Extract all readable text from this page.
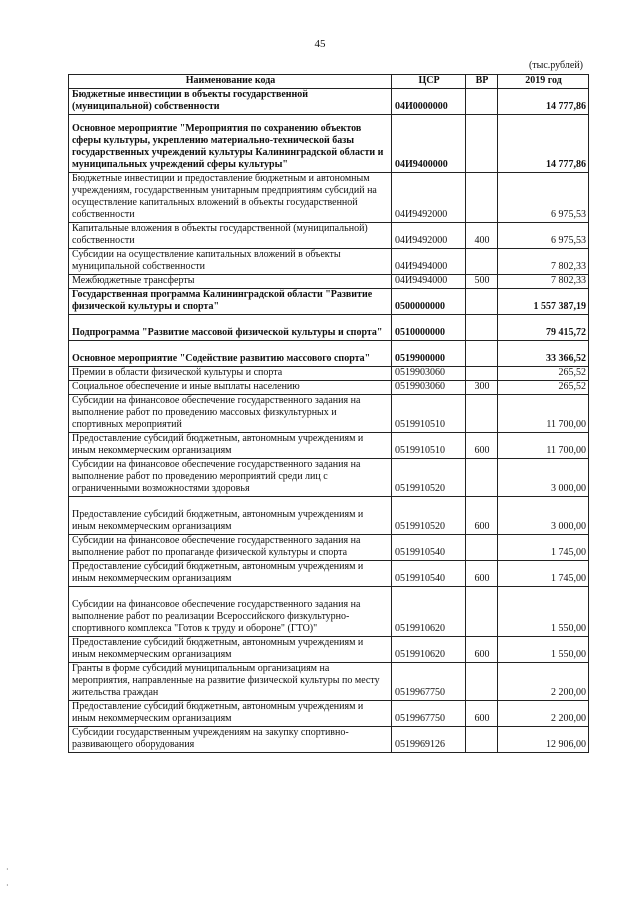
45
(тыс.рублей)
Наименование кода	ЦСР	ВР	2019 год
Бюджетные инвестиции в объекты государственной (муниципальной) собственности	04И0000000		14 777,86
Основное мероприятие "Мероприятия по сохранению объектов сферы культуры, укреплению материально-технической базы государственных учреждений культуры Калининградской области и муниципальных учреждений сферы культуры"	04И9400000		14 777,86
Бюджетные инвестиции и предоставление бюджетным и автономным учреждениям, государственным унитарным предприятиям субсидий на осуществление капитальных вложений в объекты государственной собственности	04И9492000		6 975,53
Капитальные вложения в объекты государственной (муниципальной) собственности	04И9492000	400	6 975,53
Субсидии на осуществление капитальных вложений в объекты муниципальной собственности	04И9494000		7 802,33
Межбюджетные трансферты	04И9494000	500	7 802,33
Государственная программа Калининградской области "Развитие физической культуры и спорта"	0500000000		1 557 387,19
Подпрограмма "Развитие массовой физической культуры и спорта"	0510000000		79 415,72
Основное мероприятие "Содействие развитию массового спорта"	0519900000		33 366,52
Премии в области физической культуры и спорта	0519903060		265,52
Социальное обеспечение и иные выплаты населению	0519903060	300	265,52
Субсидии на финансовое обеспечение государственного задания на выполнение работ по проведению массовых физкультурных и спортивных мероприятий	0519910510		11 700,00
Предоставление субсидий бюджетным, автономным учреждениям и иным некоммерческим организациям	0519910510	600	11 700,00
Субсидии на финансовое обеспечение государственного задания на выполнение работ по проведению мероприятий среди лиц с ограниченными возможностями здоровья	0519910520		3 000,00
Предоставление субсидий бюджетным, автономным учреждениям и иным некоммерческим организациям	0519910520	600	3 000,00
Субсидии на финансовое обеспечение государственного задания на выполнение работ по пропаганде физической культуры и спорта	0519910540		1 745,00
Предоставление субсидий бюджетным, автономным учреждениям и иным некоммерческим организациям	0519910540	600	1 745,00
Субсидии на финансовое обеспечение государственного задания на выполнение работ по реализации Всероссийского физкультурно-спортивного комплекса "Готов к труду и обороне" (ГТО)"	0519910620		1 550,00
Предоставление субсидий бюджетным, автономным учреждениям и иным некоммерческим организациям	0519910620	600	1 550,00
Гранты в форме субсидий муниципальным организациям на мероприятия, направленные на развитие физической культуры по месту жительства граждан	0519967750		2 200,00
Предоставление субсидий бюджетным, автономным учреждениям и иным некоммерческим организациям	0519967750	600	2 200,00
Субсидии государственным учреждениям на закупку спортивно-развивающего оборудования	0519969126		12 906,00
·

·
